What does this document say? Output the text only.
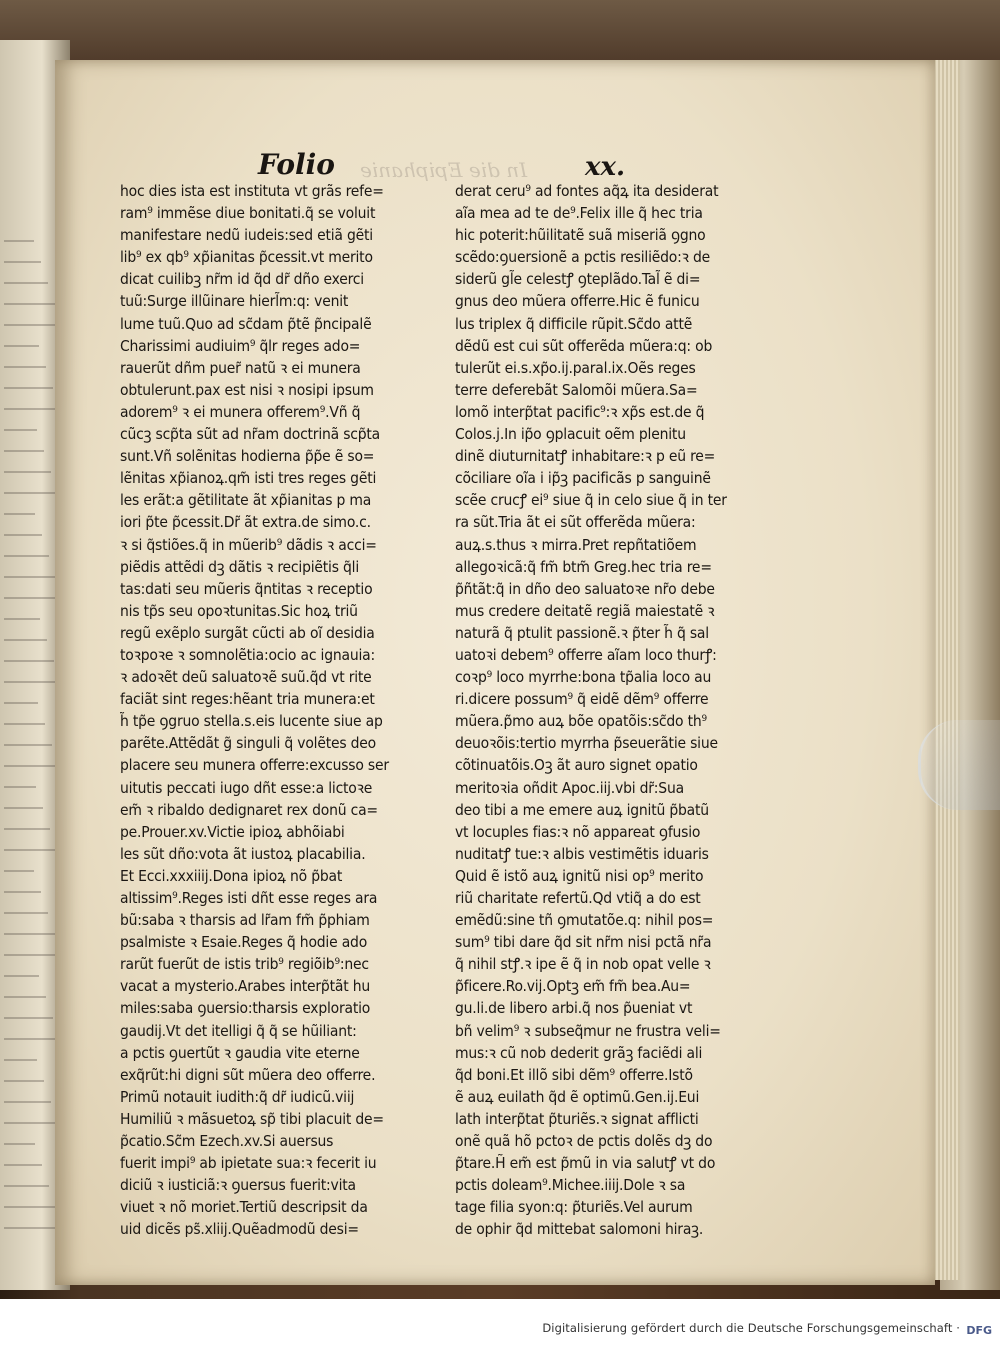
In die Epiphanie
Folio	xx.
hoc dies ista est instituta vt grãs refe=
ram⁹ immẽse diue bonitati.q̃ se voluit
manifestare nedũ iudeis:sed etiã gẽti
lib⁹ ex qb⁹ xp̃ianitas p̃cessit.vt merito
dicat cuilibꝫ nr̃m id q̃d dr̃ dño exerci
tuũ:Surge illũinare hierl̃m:q: venit
lume tuũ.Quo ad sc̃dam p̃tẽ p̃ncipalẽ
Charissimi audiuim⁹ q̃lr reges ado=
rauerũt dñm puer̃ natũ ꝛ ei munera
obtulerunt.pax est nisi ꝛ nosipi ipsum
adorem⁹ ꝛ ei munera offerem⁹.Vñ q̃
cũcꝫ scp̃ta sũt ad nr̃am doctrinã scp̃ta
sunt.Vñ solẽnitas hodierna p̃p̃e ẽ so=
lẽnitas xp̃ianoꝝ.qm̃ isti tres reges gẽti
les erãt:a gẽtilitate ãt xp̃ianitas p ma
iori p̃te p̃cessit.Dr̃ ãt extra.de simo.c.
ꝛ si q̃stiões.q̃ in mũerib⁹ dãdis ꝛ acci=
piẽdis attẽdi dꝫ dãtis ꝛ recipiẽtis q̃li
tas:dati seu mũeris q̃ntitas ꝛ receptio
nis tp̃s seu opoꝛtunitas.Sic hoꝝ triũ
regũ exẽplo surgãt cũcti ab oĩ desidia
toꝛpoꝛe ꝛ somnolẽtia:ocio ac ignauia:
ꝛ adoꝛẽt deũ saluatoꝛẽ suũ.q̃d vt rite
faciãt sint reges:hẽant tria munera:et
h̃ tp̃e ꝯgruo stella.s.eis lucente siue ap
parẽte.Attẽdãt g̃ singuli q̃ volẽtes deo
placere seu munera offerre:excusso ser
uitutis peccati iugo dñt esse:a lictoꝛe
em̃ ꝛ ribaldo dedignaret rex donũ ca=
pe.Prouer.xv.Victie ipioꝝ abhõiabi
les sũt dño:vota ãt iustoꝝ placabilia.
Et Ecci.xxxiiij.Dona ipioꝝ nõ p̃bat
altissim⁹.Reges isti dñt esse reges ara
bũ:saba ꝛ tharsis ad lr̃am fm̃ p̃phiam
psalmiste ꝛ Esaie.Reges q̃ hodie ado
rarũt fuerũt de istis trib⁹ regiõib⁹:nec
vacat a mysterio.Arabes interp̃tãt hu
miles:saba ꝯuersio:tharsis exploratio
gaudij.Vt det itelligi q̃ q̃ se hũiliant:
a pctis ꝯuertũt ꝛ gaudia vite eterne
exq̃rũt:hi digni sũt mũera deo offerre.
Primũ notauit iudith:q̃ dr̃ iudicũ.viij
Humiliũ ꝛ mãsuetoꝝ sp̃ tibi placuit de=
p̃catio.Sc̃m Ezech.xv.Si auersus
fuerit impi⁹ ab ipietate sua:ꝛ fecerit iu
diciũ ꝛ iusticiã:ꝛ ꝯuersus fuerit:vita
viuet ꝛ nõ moriet.Tertiũ descripsit da
uid dicẽs ps̃.xliij.Quẽadmodũ desi=
derat ceru⁹ ad fontes aq̃ꝝ ita desiderat
aĩa mea ad te de⁹.Felix ille q̃ hec tria
hic poterit:hũilitatẽ suã miseriã ꝯgno
scẽdo:ꝯuersionẽ a pctis resiliẽdo:ꝛ de
siderũ gl̃e celestꝭ ꝯteplãdo.Tal̃ ẽ di=
gnus deo mũera offerre.Hic ẽ funicu
lus triplex q̃ difficile rũpit.Sc̃do attẽ
dẽdũ est cui sũt offerẽda mũera:q: ob
tulerũt ei.s.xp̃o.ij.paral.ix.Oẽs reges
terre deferebãt Salomõi mũera.Sa=
lomõ interp̃tat pacific⁹:ꝛ xp̃s est.de q̃
Colos.j.In ip̃o ꝯplacuit oẽm plenitu
dinẽ diuturnitatꝭ inhabitare:ꝛ p eũ re=
cõciliare oĩa i ip̃ꝫ pacificãs p sanguinẽ
scẽe crucꝭ ei⁹ siue q̃ in celo siue q̃ in ter
ra sũt.Tria ãt ei sũt offerẽda mũera:
auꝝ.s.thus ꝛ mirra.Pret repñtatiõem
allegoꝛicã:q̃ fm̃ btm̃ Greg.hec tria re=
p̃ñtãt:q̃ in dño deo saluatoꝛe nr̃o debe
mus credere deitatẽ regiã maiestatẽ ꝛ
naturã q̃ ptulit passionẽ.ꝛ p̃ter h̃ q̃ sal
uatoꝛi debem⁹ offerre aĩam loco thurꝭ:
coꝛp⁹ loco myrrhe:bona tp̃alia loco au
ri.dicere possum⁹ q̃ eidẽ dẽm⁹ offerre
mũera.p̃mo auꝝ bõe opatõis:sc̃do th⁹
deuoꝛõis:tertio myrrha p̃seuerãtie siue
cõtinuatõis.Oꝫ ãt auro signet opatio
meritoꝛia oñdit Apoc.iij.vbi dr̃:Sua
deo tibi a me emere auꝝ ignitũ p̃batũ
vt locuples fias:ꝛ nõ appareat ꝯfusio
nuditatꝭ tue:ꝛ albis vestimẽtis iduaris
Quid ẽ istõ auꝝ ignitũ nisi op⁹ merito
riũ charitate refertũ.Qd vtiq̃ a do est
emẽdũ:sine tñ ꝯmutatõe.q: nihil pos=
sum⁹ tibi dare q̃d sit nr̃m nisi pctã nr̃a
q̃ nihil stꝭ.ꝛ ipe ẽ q̃ in nob opat velle ꝛ
p̃ficere.Ro.vij.Optꝫ em̃ fm̃ bea.Au=
gu.li.de libero arbi.q̃ nos p̃ueniat vt
bñ velim⁹ ꝛ subseq̃mur ne frustra veli=
mus:ꝛ cũ nob dederit grãꝫ faciẽdi ali
q̃d boni.Et illõ sibi dẽm⁹ offerre.Istõ
ẽ auꝝ euilath q̃d ẽ optimũ.Gen.ij.Eui
lath interp̃tat p̃turiẽs.ꝛ signat afflicti
onẽ quã hõ pctoꝛ de pctis dolẽs dꝫ do
p̃tare.H̃ em̃ est p̃mũ in via salutꝭ vt do
pctis doleam⁹.Michee.iiij.Dole ꝛ sa
tage filia syon:q: p̃turiẽs.Vel aurum
de ophir q̃d mittebat salomoni hiraꝫ.
Digitalisierung gefördert durch die Deutsche Forschungsgemeinschaft · DFG
